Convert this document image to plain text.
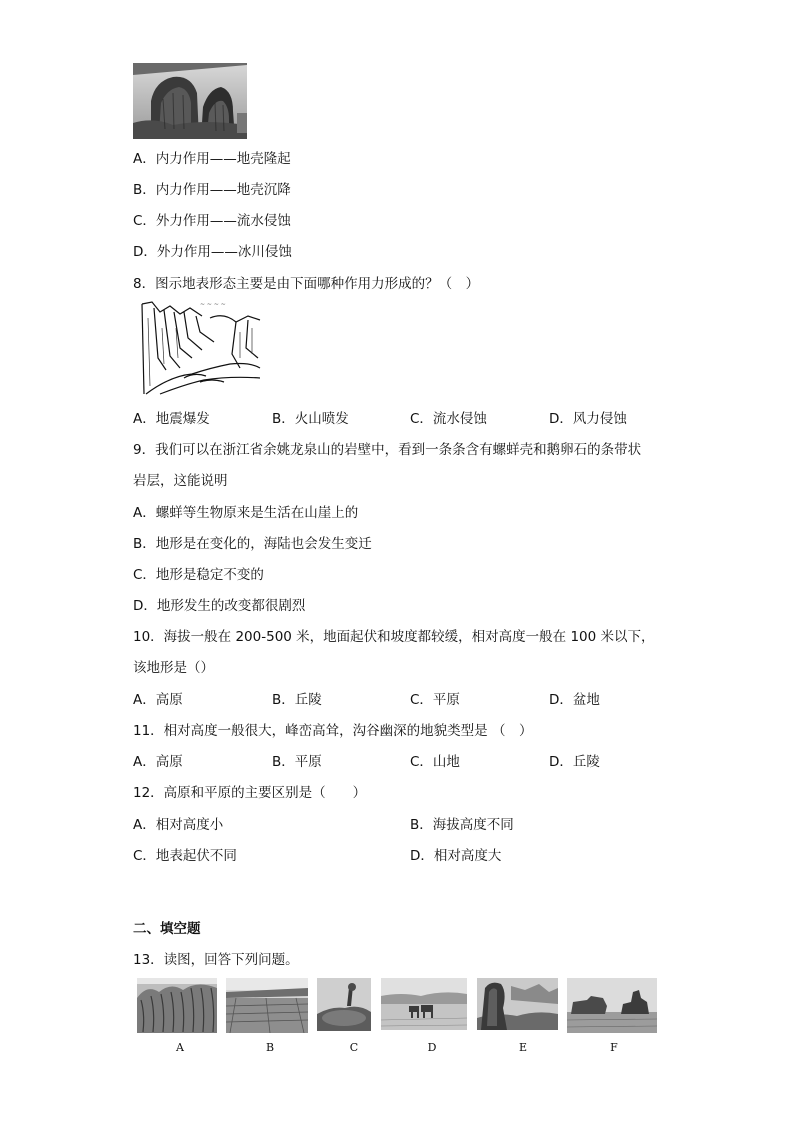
A．内力作用——地壳隆起
B．内力作用——地壳沉降
C．外力作用——流水侵蚀
D．外力作用——冰川侵蚀
8．图示地表形态主要是由下面哪种作用力形成的？（　）
~ ~ ~ ~
A．地震爆发	B．火山喷发	C．流水侵蚀	D．风力侵蚀
9．我们可以在浙江省余姚龙泉山的岩壁中，看到一条条含有螺蛘壳和鹅卵石的条带状
岩层，这能说明
A．螺蛘等生物原来是生活在山崖上的
B．地形是在变化的，海陆也会发生变迁
C．地形是稳定不变的
D．地形发生的改变都很剧烈
10．海拔一般在 200-500 米，地面起伏和坡度都较缓，相对高度一般在 100 米以下，
该地形是（）
A．高原	B．丘陵	C．平原	D．盆地
11．相对高度一般很大，峰峦高耸，沟谷幽深的地貌类型是 （　）
A．高原	B．平原	C．山地	D．丘陵
12．高原和平原的主要区别是（　　）
A．相对高度小	B．海拔高度不同
C．地表起伏不同	D．相对高度大
二、填空题
13．读图，回答下列问题。
A	B	C	D	E	F
